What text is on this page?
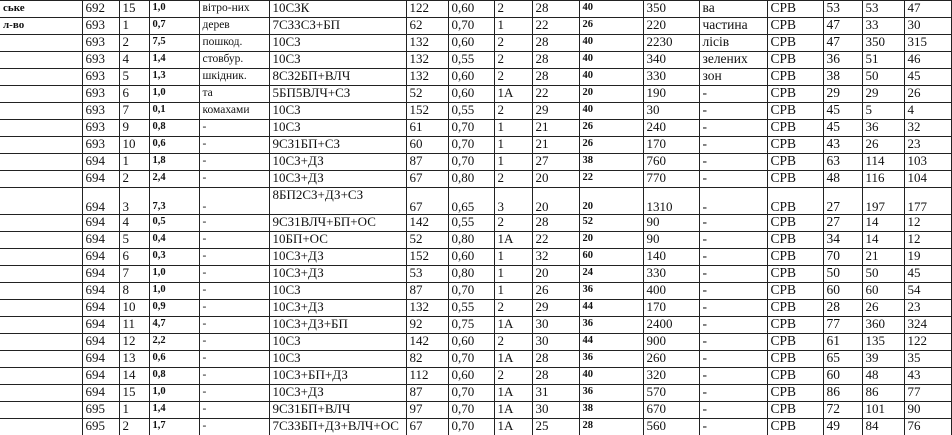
ське	692	15	1,0	вітро-них	10СЗК	122	0,60	2	28	40	350	ва	СРВ	53	53	47
л-во	693	1	0,7	дерев	7СЗЗСЗ+БП	62	0,70	1	22	26	220	частина	СРВ	47	33	30
	693	2	7,5	пошкод.	10СЗ	132	0,60	2	28	40	2230	лісів	СРВ	47	350	315
	693	4	1,4	стовбур.	10СЗ	132	0,55	2	28	40	340	зелених	СРВ	36	51	46
	693	5	1,3	шкідник.	8СЗ2БП+ВЛЧ	132	0,60	2	28	40	330	зон	СРВ	38	50	45
	693	6	1,0	та	5БП5ВЛЧ+СЗ	52	0,60	1А	22	20	190	-	СРВ	29	29	26
	693	7	0,1	комахами	10СЗ	152	0,55	2	29	40	30	-	СРВ	45	5	4
	693	9	0,8	-	10СЗ	61	0,70	1	21	26	240	-	СРВ	45	36	32
	693	10	0,6	-	9СЗ1БП+СЗ	60	0,70	1	21	26	170	-	СРВ	43	26	23
	694	1	1,8	-	10СЗ+ДЗ	87	0,70	1	27	38	760	-	СРВ	63	114	103
	694	2	2,4	-	10СЗ+ДЗ	67	0,80	2	20	22	770	-	СРВ	48	116	104
	694	3	7,3	-	8БП2СЗ+ДЗ+СЗ	67	0,65	3	20	20	1310	-	СРВ	27	197	177
	694	4	0,5	-	9СЗ1ВЛЧ+БП+ОС	142	0,55	2	28	52	90	-	СРВ	27	14	12
	694	5	0,4	-	10БП+ОС	52	0,80	1А	22	20	90	-	СРВ	34	14	12
	694	6	0,3	-	10СЗ+ДЗ	152	0,60	1	32	60	140	-	СРВ	70	21	19
	694	7	1,0	-	10СЗ+ДЗ	53	0,80	1	20	24	330	-	СРВ	50	50	45
	694	8	1,0	-	10СЗ	87	0,70	1	26	36	400	-	СРВ	60	60	54
	694	10	0,9	-	10СЗ+ДЗ	132	0,55	2	29	44	170	-	СРВ	28	26	23
	694	11	4,7	-	10СЗ+ДЗ+БП	92	0,75	1А	30	36	2400	-	СРВ	77	360	324
	694	12	2,2	-	10СЗ	142	0,60	2	30	44	900	-	СРВ	61	135	122
	694	13	0,6	-	10СЗ	82	0,70	1А	28	36	260	-	СРВ	65	39	35
	694	14	0,8	-	10СЗ+БП+ДЗ	112	0,60	2	28	40	320	-	СРВ	60	48	43
	694	15	1,0	-	10СЗ+ДЗ	87	0,70	1А	31	36	570	-	СРВ	86	86	77
	695	1	1,4	-	9СЗ1БП+ВЛЧ	97	0,70	1А	30	38	670	-	СРВ	72	101	90
	695	2	1,7	-	7СЗЗБП+ДЗ+ВЛЧ+ОС	67	0,70	1А	25	28	560	-	СРВ	49	84	76
